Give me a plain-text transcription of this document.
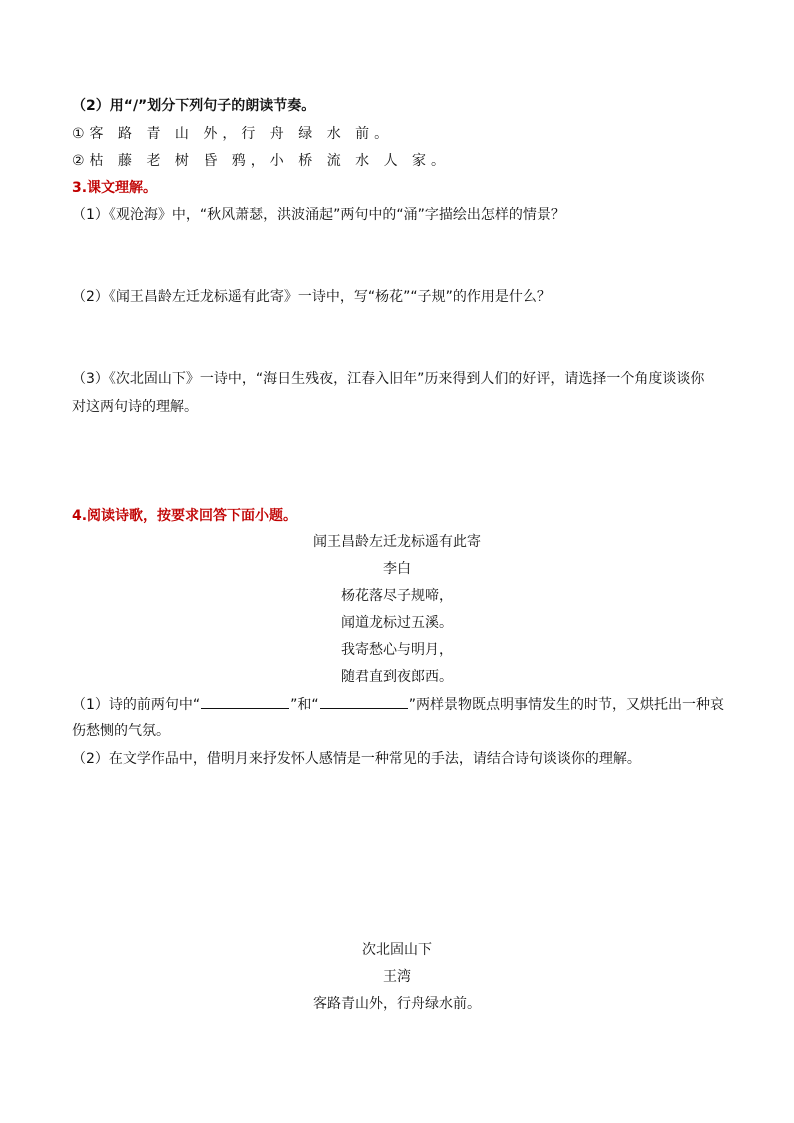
（2）用“/”划分下列句子的朗读节奏。
①客 路 青 山 外，行 舟 绿 水 前。
②枯 藤 老 树 昏 鸦，小 桥 流 水 人 家。
3.课文理解。
（1）《观沧海》中，“秋风萧瑟，洪波涌起”两句中的“涌”字描绘出怎样的情景？
（2）《闻王昌龄左迁龙标遥有此寄》一诗中，写“杨花”“子规”的作用是什么？
（3）《次北固山下》一诗中，“海日生残夜，江春入旧年”历来得到人们的好评，请选择一个角度谈谈你
对这两句诗的理解。
4.阅读诗歌，按要求回答下面小题。
闻王昌龄左迁龙标遥有此寄
李白
杨花落尽子规啼，
闻道龙标过五溪。
我寄愁心与明月，
随君直到夜郎西。
（1）诗的前两句中“	”和“	”两样景物既点明事情发生的时节，又烘托出一种哀
伤愁恻的气氛。
（2）在文学作品中，借明月来抒发怀人感情是一种常见的手法，请结合诗句谈谈你的理解。
次北固山下
王湾
客路青山外，行舟绿水前。
